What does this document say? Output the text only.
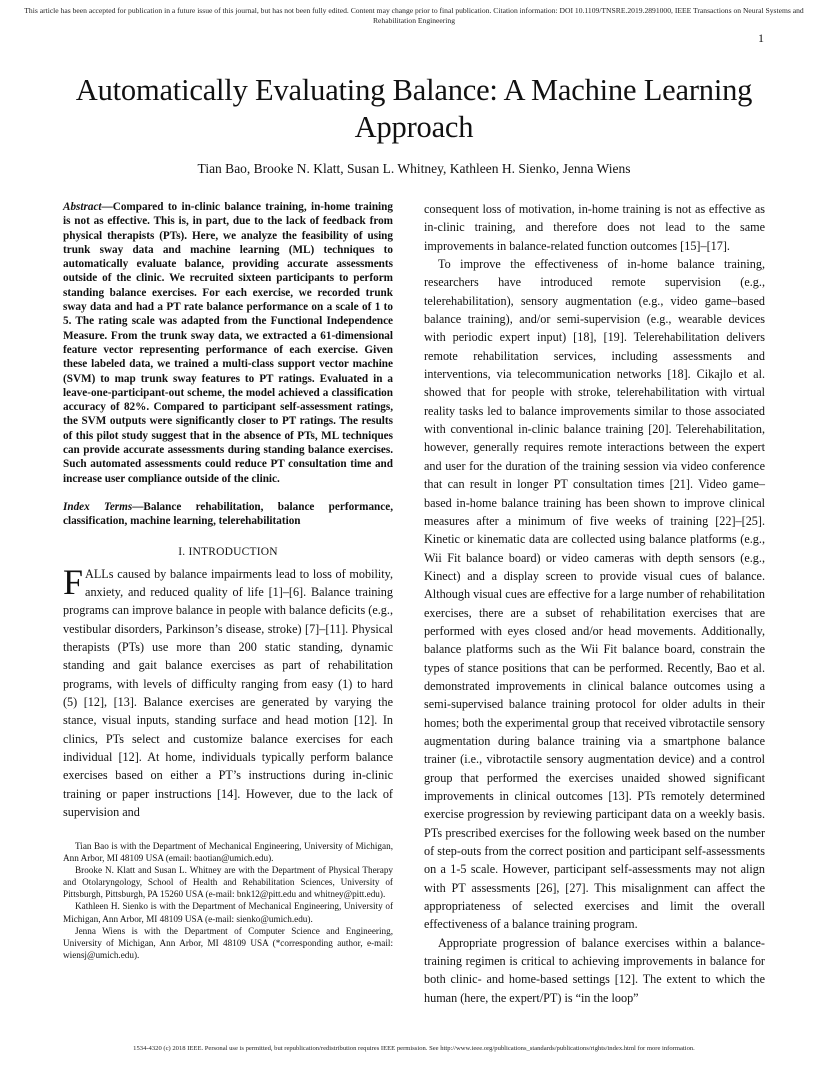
This article has been accepted for publication in a future issue of this journal, but has not been fully edited. Content may change prior to final publication. Citation information: DOI 10.1109/TNSRE.2019.2891000, IEEE Transactions on Neural Systems and Rehabilitation Engineering
1
Automatically Evaluating Balance: A Machine Learning Approach
Tian Bao, Brooke N. Klatt, Susan L. Whitney, Kathleen H. Sienko, Jenna Wiens

Abstract—Compared to in-clinic balance training, in-home training is not as effective. This is, in part, due to the lack of feedback from physical therapists (PTs). Here, we analyze the feasibility of using trunk sway data and machine learning (ML) techniques to automatically evaluate balance, providing accurate assessments outside of the clinic. We recruited sixteen participants to perform standing balance exercises. For each exercise, we recorded trunk sway data and had a PT rate balance performance on a scale of 1 to 5. The rating scale was adapted from the Functional Independence Measure. From the trunk sway data, we extracted a 61-dimensional feature vector representing performance of each exercise. Given these labeled data, we trained a multi-class support vector machine (SVM) to map trunk sway features to PT ratings. Evaluated in a leave-one-participant-out scheme, the model achieved a classification accuracy of 82%. Compared to participant self-assessment ratings, the SVM outputs were significantly closer to PT ratings. The results of this pilot study suggest that in the absence of PTs, ML techniques can provide accurate assessments during standing balance exercises. Such automated assessments could reduce PT consultation time and increase user compliance outside of the clinic.

Index Terms—Balance rehabilitation, balance performance, classification, machine learning, telerehabilitation

I. INTRODUCTION

F ALLs caused by balance impairments lead to loss of mobility, anxiety, and reduced quality of life [1]–[6]. Balance training programs can improve balance in people with balance deficits (e.g., vestibular disorders, Parkinson’s disease, stroke) [7]–[11]. Physical therapists (PTs) use more than 200 static standing, dynamic standing and gait balance exercises as part of rehabilitation programs, with levels of difficulty ranging from easy (1) to hard (5) [12], [13]. Balance exercises are generated by varying the stance, visual inputs, standing surface and head motion [12]. In clinics, PTs select and customize balance exercises for each individual [12]. At home, individuals typically perform balance exercises based on either a PT’s instructions during in-clinic training or paper instructions [14]. However, due to the lack of supervision and

Tian Bao is with the Department of Mechanical Engineering, University of Michigan, Ann Arbor, MI 48109 USA (email: baotian@umich.edu).

Brooke N. Klatt and Susan L. Whitney are with the Department of Physical Therapy and Otolaryngology, School of Health and Rehabilitation Sciences, University of Pittsburgh, Pittsburgh, PA 15260 USA (e-mail: bnk12@pitt.edu and whitney@pitt.edu).

Kathleen H. Sienko is with the Department of Mechanical Engineering, University of Michigan, Ann Arbor, MI 48109 USA (e-mail: sienko@umich.edu).

Jenna Wiens is with the Department of Computer Science and Engineering, University of Michigan, Ann Arbor, MI 48109 USA (*corresponding author, e-mail: wiensj@umich.edu).

consequent loss of motivation, in-home training is not as effective as in-clinic training, and therefore does not lead to the same improvements in balance-related function outcomes [15]–[17].

To improve the effectiveness of in-home balance training, researchers have introduced remote supervision (e.g., telerehabilitation), sensory augmentation (e.g., video game–based balance training), and/or semi-supervision (e.g., wearable devices with periodic expert input) [18], [19]. Telerehabilitation delivers remote rehabilitation services, including assessments and interventions, via telecommunication networks [18]. Cikajlo et al. showed that for people with stroke, telerehabilitation with virtual reality tasks led to balance improvements similar to those associated with conventional in-clinic balance training [20]. Telerehabilitation, however, generally requires remote interactions between the expert and user for the duration of the training session via video conference that can result in longer PT consultation times [21]. Video game–based in-home balance training has been shown to improve clinical measures after a minimum of five weeks of training [22]–[25]. Kinetic or kinematic data are collected using balance platforms (e.g., Wii Fit balance board) or video cameras with depth sensors (e.g., Kinect) and a display screen to provide visual cues of balance. Although visual cues are effective for a large number of rehabilitation exercises, there are a subset of rehabilitation exercises that are performed with eyes closed and/or head movements. Additionally, balance platforms such as the Wii Fit balance board, constrain the types of stance positions that can be performed. Recently, Bao et al. demonstrated improvements in clinical balance outcomes using a semi-supervised balance training protocol for older adults in their homes; both the experimental group that received vibrotactile sensory augmentation during balance training via a smartphone balance trainer (i.e., vibrotactile sensory augmentation device) and a control group that performed the exercises unaided showed significant improvements in clinical outcomes [13]. PTs remotely determined exercise progression by reviewing participant data on a weekly basis. PTs prescribed exercises for the following week based on the number of step-outs from the correct position and participant self-assessments on a 1-5 scale. However, participant self-assessments may not align with PT assessments [26], [27]. This misalignment can affect the appropriateness of selected exercises and limit the overall effectiveness of a balance training program.

Appropriate progression of balance exercises within a balance-training regimen is critical to achieving improvements in balance for both clinic- and home-based settings [12]. The extent to which the human (here, the expert/PT) is “in the loop”

1534-4320 (c) 2018 IEEE. Personal use is permitted, but republication/redistribution requires IEEE permission. See http://www.ieee.org/publications_standards/publications/rights/index.html for more information.
